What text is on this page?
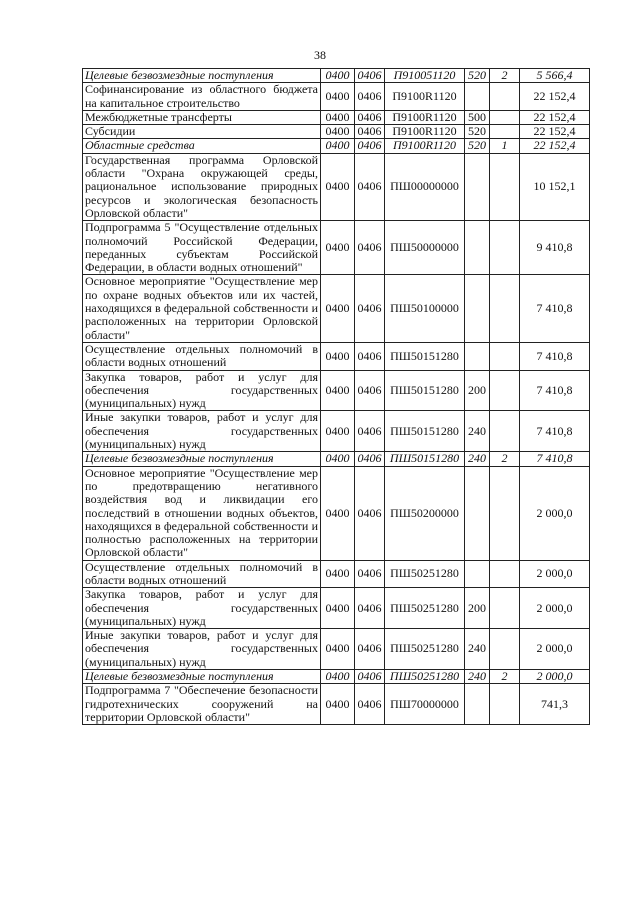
38
Целевые безвозмездные поступления	0400	0406	П910051120	520	2	5 566,4
Софинансирование из областного бюджета на капитальное строительство	0400	0406	П9100R1120			22 152,4
Межбюджетные трансферты	0400	0406	П9100R1120	500		22 152,4
Субсидии	0400	0406	П9100R1120	520		22 152,4
Областные средства	0400	0406	П9100R1120	520	1	22 152,4
Государственная программа Орловской области "Охрана окружающей среды, рациональное использование природных ресурсов и экологическая безопасность Орловской области"	0400	0406	ПШ00000000			10 152,1
Подпрограмма 5 "Осуществление отдельных полномочий Российской Федерации, переданных субъектам Российской Федерации, в области водных отношений"	0400	0406	ПШ50000000			9 410,8
Основное мероприятие "Осуществление мер по охране водных объектов или их частей, находящихся в федеральной собственности и расположенных на территории Орловской области"	0400	0406	ПШ50100000			7 410,8
Осуществление отдельных полномочий в области водных отношений	0400	0406	ПШ50151280			7 410,8
Закупка товаров, работ и услуг для обеспечения государственных (муниципальных) нужд	0400	0406	ПШ50151280	200		7 410,8
Иные закупки товаров, работ и услуг для обеспечения государственных (муниципальных) нужд	0400	0406	ПШ50151280	240		7 410,8
Целевые безвозмездные поступления	0400	0406	ПШ50151280	240	2	7 410,8
Основное мероприятие "Осуществление мер по предотвращению негативного воздействия вод и ликвидации его последствий в отношении водных объектов, находящихся в федеральной собственности и полностью расположенных на территории Орловской области"	0400	0406	ПШ50200000			2 000,0
Осуществление отдельных полномочий в области водных отношений	0400	0406	ПШ50251280			2 000,0
Закупка товаров, работ и услуг для обеспечения государственных (муниципальных) нужд	0400	0406	ПШ50251280	200		2 000,0
Иные закупки товаров, работ и услуг для обеспечения государственных (муниципальных) нужд	0400	0406	ПШ50251280	240		2 000,0
Целевые безвозмездные поступления	0400	0406	ПШ50251280	240	2	2 000,0
Подпрограмма 7 "Обеспечение безопасности гидротехнических сооружений на территории Орловской области"	0400	0406	ПШ70000000			741,3
